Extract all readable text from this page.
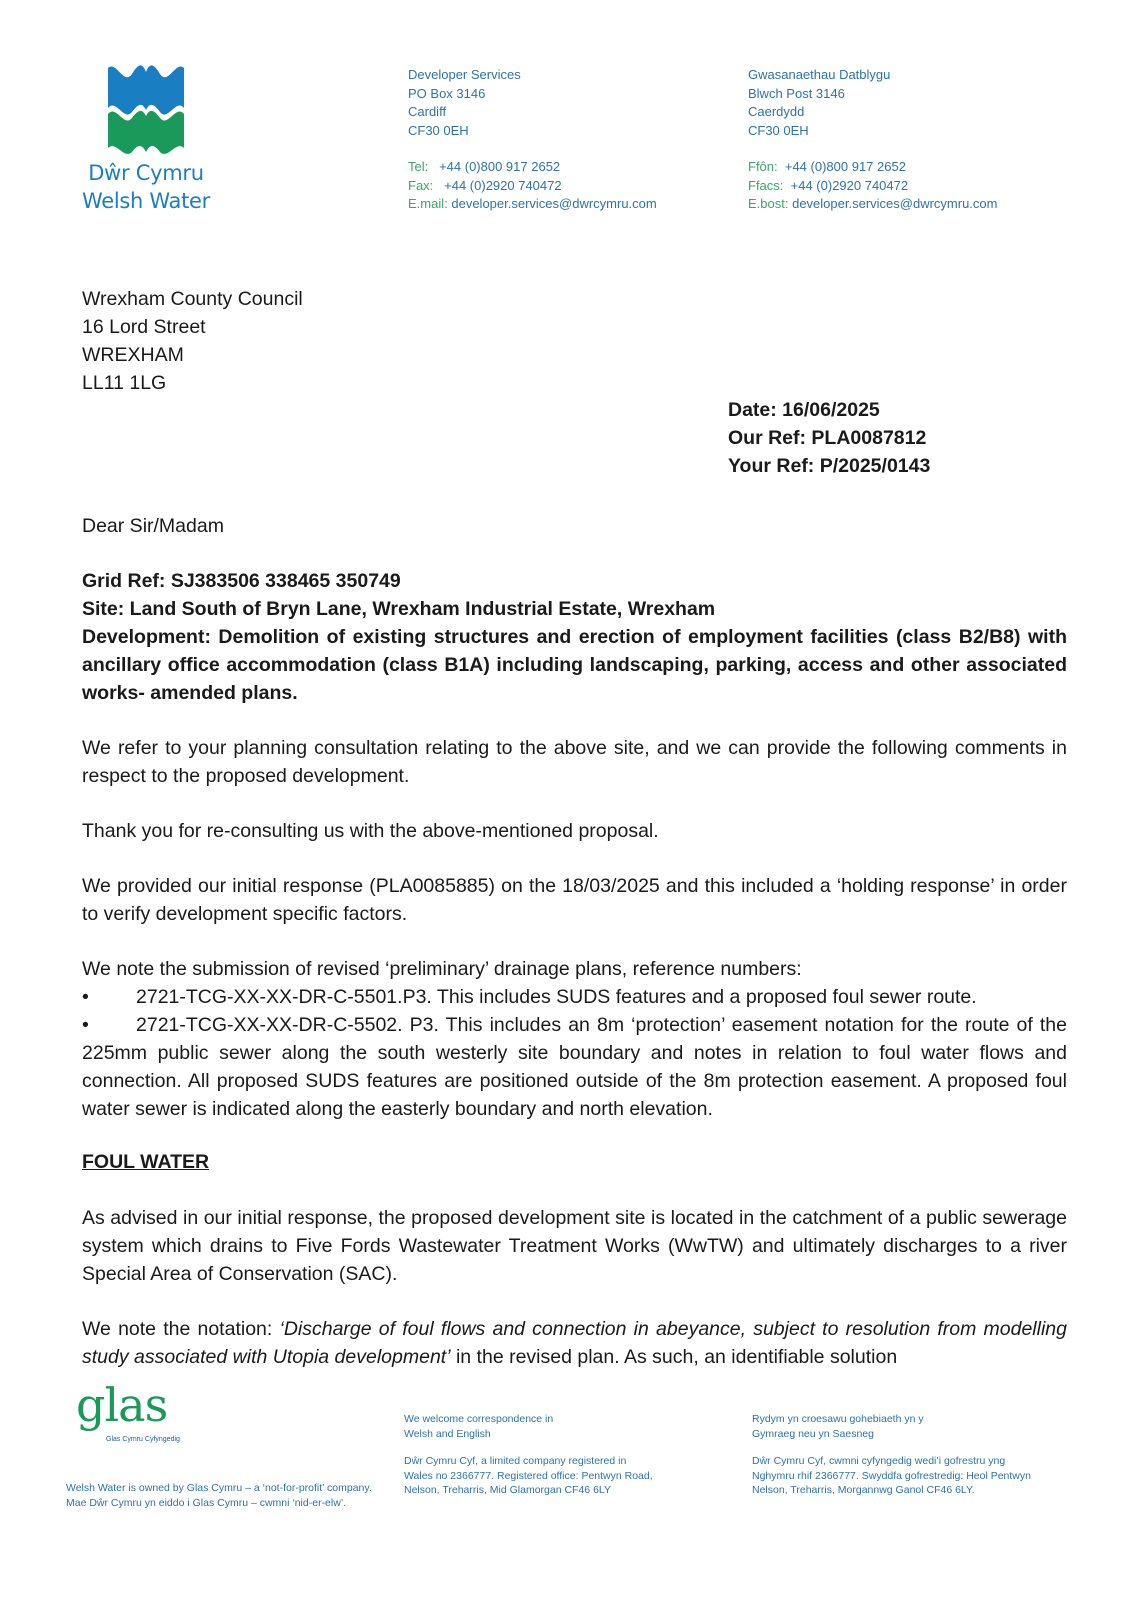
Dŵr Cymru
Welsh Water
Developer Services
PO Box 3146
Cardiff
CF30 0EH
Tel: +44 (0)800 917 2652
Fax: +44 (0)2920 740472
E.mail: developer.services@dwrcymru.com
Gwasanaethau Datblygu
Blwch Post 3146
Caerdydd
CF30 0EH
Ffôn: +44 (0)800 917 2652
Ffacs: +44 (0)2920 740472
E.bost: developer.services@dwrcymru.com
Wrexham County Council
16 Lord Street
WREXHAM
LL11 1LG
Date: 16/06/2025
Our Ref: PLA0087812
Your Ref: P/2025/0143
Dear Sir/Madam
Grid Ref: SJ383506 338465 350749
Site: Land South of Bryn Lane, Wrexham Industrial Estate, Wrexham
Development: Demolition of existing structures and erection of employment facilities (class B2/B8) with ancillary office accommodation (class B1A) including landscaping, parking, access and other associated works- amended plans.
We refer to your planning consultation relating to the above site, and we can provide the following comments in respect to the proposed development.
Thank you for re-consulting us with the above-mentioned proposal.
We provided our initial response (PLA0085885) on the 18/03/2025 and this included a ‘holding response’ in order to verify development specific factors.
We note the submission of revised ‘preliminary’ drainage plans, reference numbers:
• 2721-TCG-XX-XX-DR-C-5501.P3. This includes SUDS features and a proposed foul sewer route.
• 2721-TCG-XX-XX-DR-C-5502. P3. This includes an 8m ‘protection’ easement notation for the route of the 225mm public sewer along the south westerly site boundary and notes in relation to foul water flows and connection. All proposed SUDS features are positioned outside of the 8m protection easement. A proposed foul water sewer is indicated along the easterly boundary and north elevation.
FOUL WATER
As advised in our initial response, the proposed development site is located in the catchment of a public sewerage system which drains to Five Fords Wastewater Treatment Works (WwTW) and ultimately discharges to a river Special Area of Conservation (SAC).
We note the notation: ‘Discharge of foul flows and connection in abeyance, subject to resolution from modelling study associated with Utopia development’ in the revised plan. As such, an identifiable solution
glas
Glas Cymru Cyfyngedig
Welsh Water is owned by Glas Cymru – a ‘not-for-profit’ company.
Mae Dŵr Cymru yn eiddo i Glas Cymru – cwmni ‘nid-er-elw’.
We welcome correspondence in
Welsh and English
Dŵr Cymru Cyf, a limited company registered in
Wales no 2366777. Registered office: Pentwyn Road,
Nelson, Treharris, Mid Glamorgan CF46 6LY
Rydym yn croesawu gohebiaeth yn y
Gymraeg neu yn Saesneg
Dŵr Cymru Cyf, cwmni cyfyngedig wedi’i gofrestru yng
Nghymru rhif 2366777. Swyddfa gofrestredig: Heol Pentwyn
Nelson, Treharris, Morgannwg Ganol CF46 6LY.
